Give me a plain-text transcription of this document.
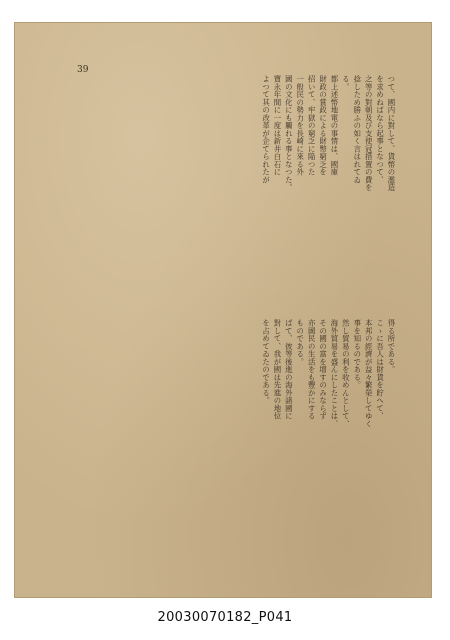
39

つて、國内に對して、貨幣の濫造

を求めねばなら起事となつて、

之等の對朝及び支使冠措置の費を

捻しため勝ふの如く言はれてゐ

る。

都上述幣地電の事情は、國庫

財政の賞政による財幣窮乏を

招いて、牢獄の窮乏に陥つた

一般民の勢力を長崎に來る外

國の文化にも觸れる事となつた。

寶永年間に一度は新井白石に

よつて其の改革が企てられたが

得る所である。

こゝに吾人は財貨を貯へて、

本邦の經濟が益々繁榮してゆく

事を知るのである。

然し貿易の利を收めんとして、

海外貿易を盛んにしたことは、

その國の富を增すのみならず

亦國民の生活をも豐かにする

ものである。

ばて、彼等後進の海外諸國に

對して、我が國は先進の地位

を占めてゐたのである。

20030070182_P041
